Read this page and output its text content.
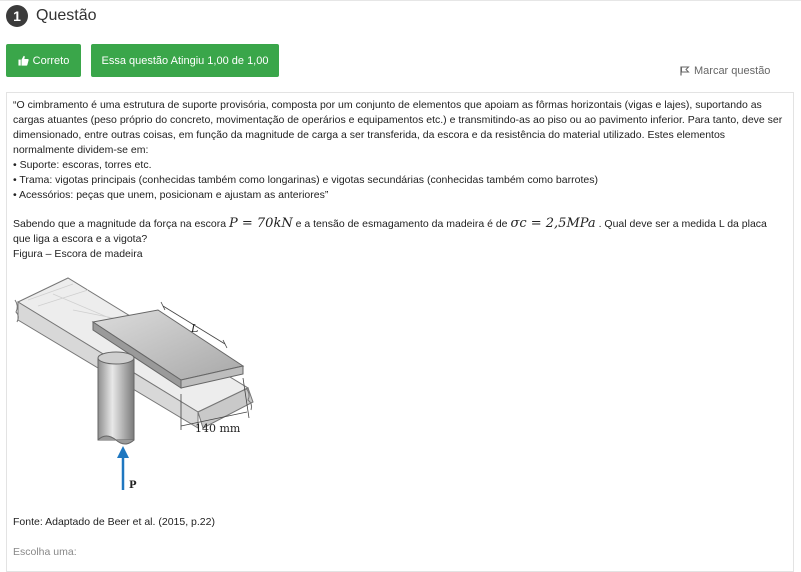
1 Questão
Correto	Essa questão Atingiu 1,00 de 1,00
Marcar questão
“O cimbramento é uma estrutura de suporte provisória, composta por um conjunto de elementos que apoiam as fôrmas horizontais (vigas e lajes), suportando as cargas atuantes (peso próprio do concreto, movimentação de operários e equipamentos etc.) e transmitindo-as ao piso ou ao pavimento inferior. Para tanto, deve ser dimensionado, entre outras coisas, em função da magnitude de carga a ser transferida, da escora e da resistência do material utilizado. Estes elementos normalmente dividem-se em:
• Suporte: escoras, torres etc.
• Trama: vigotas principais (conhecidas também como longarinas) e vigotas secundárias (conhecidas também como barrotes)
• Acessórios: peças que unem, posicionam e ajustam as anteriores”
Sabendo que a magnitude da força na escora P = 70kN e a tensão de esmagamento da madeira é de σc = 2,5MPa . Qual deve ser a medida L da placa que liga a escora e a vigota?
Figura – Escora de madeira
L
140 mm
P
Fonte: Adaptado de Beer et al. (2015, p.22)
Escolha uma:
